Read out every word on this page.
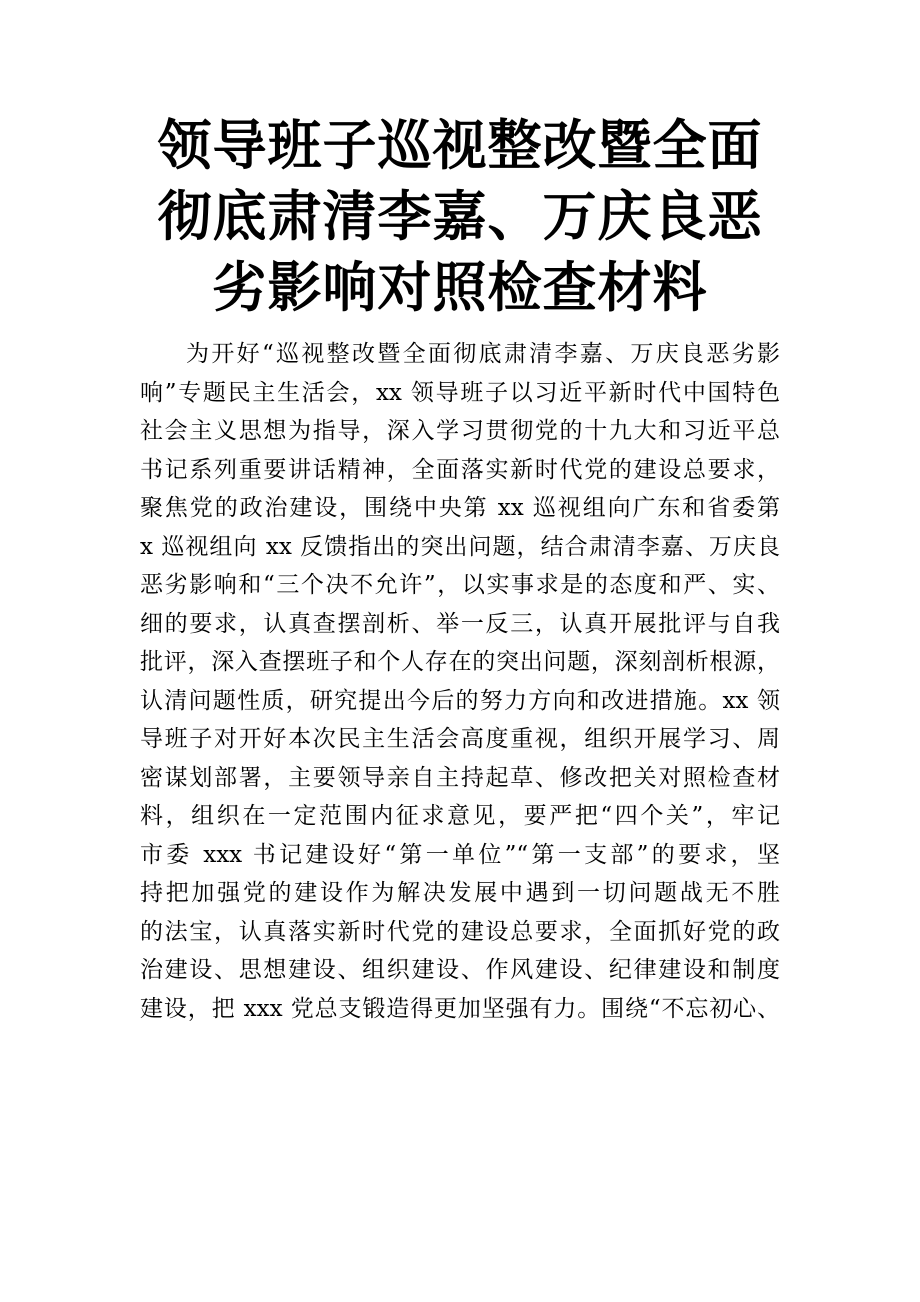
领导班子巡视整改暨全面
彻底肃清李嘉、万庆良恶
劣影响对照检查材料
为开好“巡视整改暨全面彻底肃清李嘉、万庆良恶劣影
响”专题民主生活会，xx 领导班子以习近平新时代中国特色
社会主义思想为指导，深入学习贯彻党的十九大和习近平总
书记系列重要讲话精神，全面落实新时代党的建设总要求，
聚焦党的政治建设，围绕中央第 xx 巡视组向广东和省委第
x 巡视组向 xx 反馈指出的突出问题，结合肃清李嘉、万庆良
恶劣影响和“三个决不允许”，以实事求是的态度和严、实、
细的要求，认真查摆剖析、举一反三，认真开展批评与自我
批评，深入查摆班子和个人存在的突出问题，深刻剖析根源，
认清问题性质，研究提出今后的努力方向和改进措施。xx 领
导班子对开好本次民主生活会高度重视，组织开展学习、周
密谋划部署，主要领导亲自主持起草、修改把关对照检查材
料，组织在一定范围内征求意见，要严把“四个关”，牢记
市委 xxx 书记建设好“第一单位”“第一支部”的要求，坚
持把加强党的建设作为解决发展中遇到一切问题战无不胜
的法宝，认真落实新时代党的建设总要求，全面抓好党的政
治建设、思想建设、组织建设、作风建设、纪律建设和制度
建设，把 xxx 党总支锻造得更加坚强有力。围绕“不忘初心、
